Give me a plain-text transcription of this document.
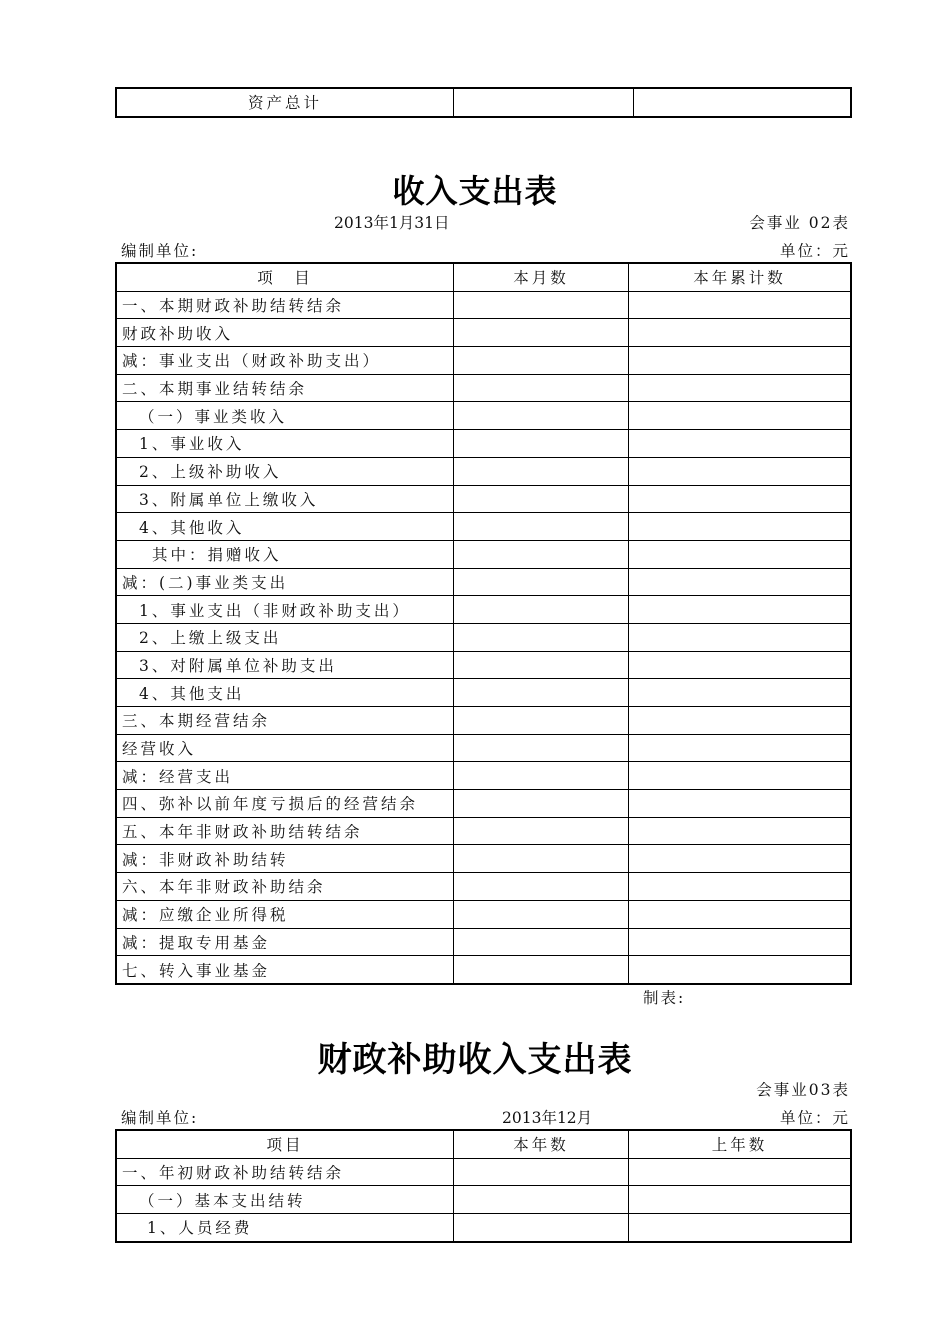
资产总计		
收入支出表
2013年1月31日	会事业 02表
编制单位:	单位：元
项　目	本月数	本年累计数
一、本期财政补助结转结余		
财政补助收入		
减：事业支出（财政补助支出）		
二、本期事业结转结余		
（一）事业类收入		
1、事业收入		
2、上级补助收入		
3、附属单位上缴收入		
4、其他收入		
其中：捐赠收入		
减：(二)事业类支出		
1、事业支出（非财政补助支出）		
2、上缴上级支出		
3、对附属单位补助支出		
4、其他支出		
三、本期经营结余		
经营收入		
减：经营支出		
四、弥补以前年度亏损后的经营结余		
五、本年非财政补助结转结余		
减：非财政补助结转		
六、本年非财政补助结余		
减：应缴企业所得税		
减：提取专用基金		
七、转入事业基金		
制表:
财政补助收入支出表
会事业03表
编制单位:	2013年12月	单位：元
项目	本年数	上年数
一、年初财政补助结转结余		
（一）基本支出结转		
1、人员经费		
